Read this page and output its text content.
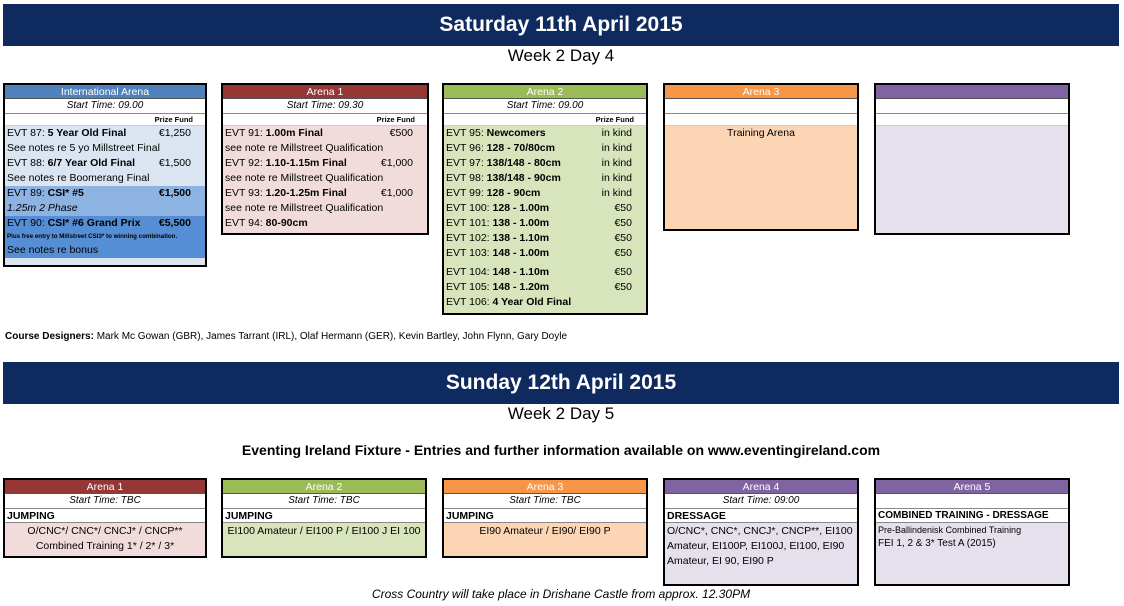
Saturday 11th April 2015
Week 2 Day 4
International Arena
Start Time: 09.00
Prize Fund
EVT 87: 5 Year Old Final	€1,250
See notes re 5 yo Millstreet Final
EVT 88: 6/7 Year Old Final €1,500
See notes re Boomerang Final
EVT 89: CSI* #5	€1,500
1.25m 2 Phase
EVT 90: CSI* #6 Grand Prix €5,500
Plus free entry to Millstreet CSI3* to winning combination.
See notes re bonus
Arena 1
Start Time: 09.30
Prize Fund
EVT 91: 1.00m Final	€500
see note re Millstreet Qualification
EVT 92: 1.10-1.15m Final	€1,000
see note re Millstreet Qualification
EVT 93: 1.20-1.25m Final	€1,000
see note re Millstreet Qualification
EVT 94: 80-90cm
Arena 2
Start Time: 09.00
Prize Fund
EVT 95: Newcomers	in kind
EVT 96: 128 - 70/80cm	in kind
EVT 97: 138/148 - 80cm	in kind
EVT 98: 138/148 - 90cm	in kind
EVT 99: 128 - 90cm	in kind
EVT 100: 128 - 1.00m	€50
EVT 101: 138 - 1.00m	€50
EVT 102: 138 - 1.10m	€50
EVT 103: 148 - 1.00m	€50
EVT 104: 148 - 1.10m	€50
EVT 105: 148 - 1.20m	€50
EVT 106: 4 Year Old Final
Arena 3
Training Arena
Course Designers: Mark Mc Gowan (GBR), James Tarrant (IRL), Olaf Hermann (GER), Kevin Bartley, John Flynn, Gary Doyle
Sunday 12th April 2015
Week 2 Day 5
Eventing Ireland Fixture - Entries and further information available on www.eventingireland.com
Arena 1
Start Time: TBC
JUMPING
O/CNC*/ CNC*/ CNCJ* / CNCP** Combined Training 1* / 2* / 3*
Arena 2
Start Time: TBC
JUMPING
EI100 Amateur / EI100 P / EI100 J EI 100
Arena 3
Start Time: TBC
JUMPING
EI90 Amateur / EI90/ EI90 P
Arena 4
Start Time: 09:00
DRESSAGE
O/CNC*, CNC*, CNCJ*, CNCP**, EI100 Amateur, EI100P, EI100J, EI100, EI90 Amateur, EI 90, EI90 P
Arena 5
COMBINED TRAINING - DRESSAGE
Pre-Ballindenisk Combined Training
FEI 1, 2 & 3* Test A (2015)
Cross Country will take place in Drishane Castle from approx. 12.30PM
